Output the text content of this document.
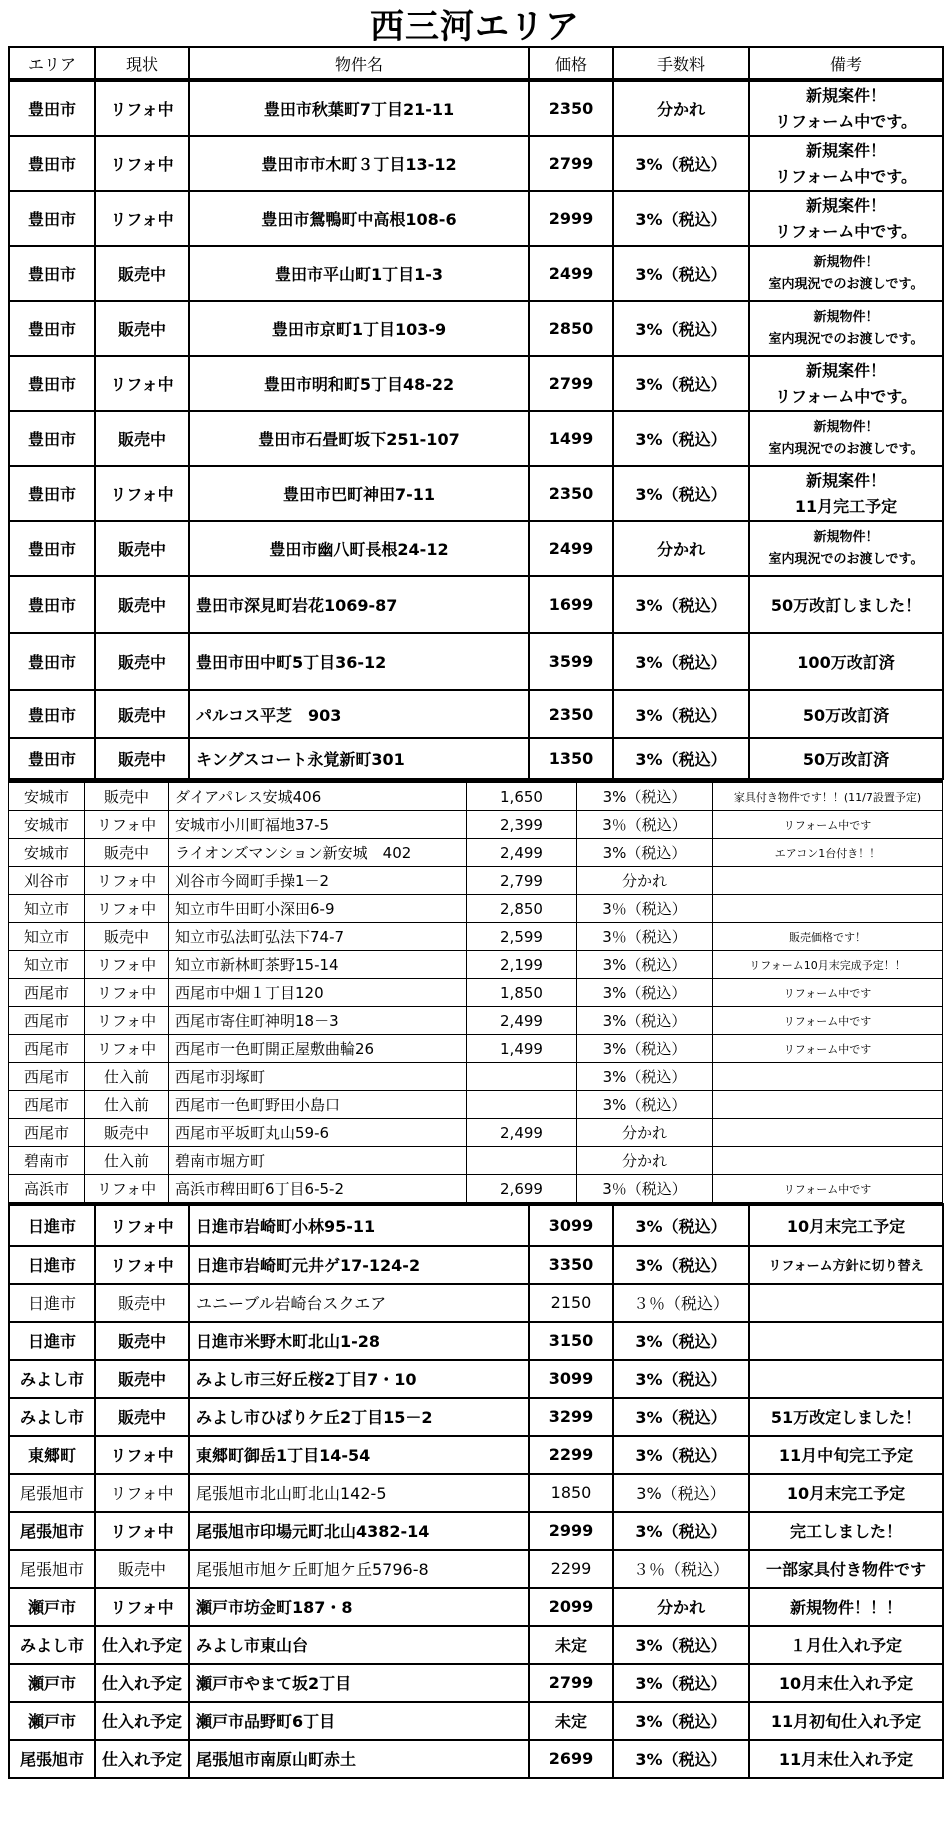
西三河エリア
エリア	現状	物件名	価格	手数料	備考
豊田市	リフォ中	豊田市秋葉町7丁目21-11	2350	分かれ	新規案件！
リフォーム中です。

豊田市	リフォ中	豊田市市木町３丁目13-12	2799	3%（税込）	新規案件！
リフォーム中です。

豊田市	リフォ中	豊田市鴛鴨町中高根108-6	2999	3%（税込）	新規案件！
リフォーム中です。

豊田市	販売中	豊田市平山町1丁目1-3	2499	3%（税込）	新規物件！
室内現況でのお渡しです。

豊田市	販売中	豊田市京町1丁目103-9	2850	3%（税込）	新規物件！
室内現況でのお渡しです。

豊田市	リフォ中	豊田市明和町5丁目48-22	2799	3%（税込）	新規案件！
リフォーム中です。

豊田市	販売中	豊田市石畳町坂下251-107	1499	3%（税込）	新規物件！
室内現況でのお渡しです。

豊田市	リフォ中	豊田市巴町神田7-11	2350	3%（税込）	新規案件！
11月完工予定

豊田市	販売中	豊田市幽八町長根24-12	2499	分かれ	新規物件！
室内現況でのお渡しです。

豊田市	販売中	豊田市深見町岩花1069-87	1699	3%（税込）	50万改訂しました！
豊田市	販売中	豊田市田中町5丁目36-12	3599	3%（税込）	100万改訂済
豊田市	販売中	パルコス平芝　903	2350	3%（税込）	50万改訂済
豊田市	販売中	キングスコート永覚新町301	1350	3%（税込）	50万改訂済
安城市	販売中	ダイアパレス安城406	1,650	3%（税込）	家具付き物件です！！(11/7設置予定)
安城市	リフォ中	安城市小川町福地37-5	2,399	3％（税込）	リフォーム中です
安城市	販売中	ライオンズマンション新安城　402	2,499	3%（税込）	エアコン1台付き！！
刈谷市	リフォ中	刈谷市今岡町手操1－2	2,799	分かれ	
知立市	リフォ中	知立市牛田町小深田6-9	2,850	3％（税込）	
知立市	販売中	知立市弘法町弘法下74-7	2,599	3％（税込）	販売価格です！
知立市	リフォ中	知立市新林町茶野15-14	2,199	3%（税込）	リフォーム10月末完成予定！！
西尾市	リフォ中	西尾市中畑１丁目120	1,850	3%（税込）	リフォーム中です
西尾市	リフォ中	西尾市寄住町神明18－3	2,499	3%（税込）	リフォーム中です
西尾市	リフォ中	西尾市一色町開正屋敷曲輪26	1,499	3%（税込）	リフォーム中です
西尾市	仕入前	西尾市羽塚町		3%（税込）	
西尾市	仕入前	西尾市一色町野田小島口		3%（税込）	
西尾市	販売中	西尾市平坂町丸山59-6	2,499	分かれ	
碧南市	仕入前	碧南市堀方町		分かれ	
高浜市	リフォ中	高浜市稗田町6丁目6-5-2	2,699	3％（税込）	リフォーム中です
日進市	リフォ中	日進市岩崎町小林95-11	3099	3%（税込）	10月末完工予定
日進市	リフォ中	日進市岩崎町元井ゲ17-124-2	3350	3%（税込）	リフォーム方針に切り替え
日進市	販売中	ユニーブル岩崎台スクエア	2150	３％（税込）	
日進市	販売中	日進市米野木町北山1-28	3150	3%（税込）	
みよし市	販売中	みよし市三好丘桜2丁目7・10	3099	3%（税込）	
みよし市	販売中	みよし市ひばりケ丘2丁目15－2	3299	3%（税込）	51万改定しました！
東郷町	リフォ中	東郷町御岳1丁目14-54	2299	3%（税込）	11月中旬完工予定
尾張旭市	リフォ中	尾張旭市北山町北山142-5	1850	3%（税込）	10月末完工予定
尾張旭市	リフォ中	尾張旭市印場元町北山4382-14	2999	3%（税込）	完工しました！
尾張旭市	販売中	尾張旭市旭ケ丘町旭ケ丘5796-8	2299	３％（税込）	一部家具付き物件です
瀬戸市	リフォ中	瀬戸市坊金町187・8	2099	分かれ	新規物件！！！
みよし市	仕入れ予定	みよし市東山台	未定	3%（税込）	１月仕入れ予定
瀬戸市	仕入れ予定	瀬戸市やまて坂2丁目	2799	3%（税込）	10月末仕入れ予定
瀬戸市	仕入れ予定	瀬戸市品野町6丁目	未定	3%（税込）	11月初旬仕入れ予定
尾張旭市	仕入れ予定	尾張旭市南原山町赤土	2699	3%（税込）	11月末仕入れ予定
